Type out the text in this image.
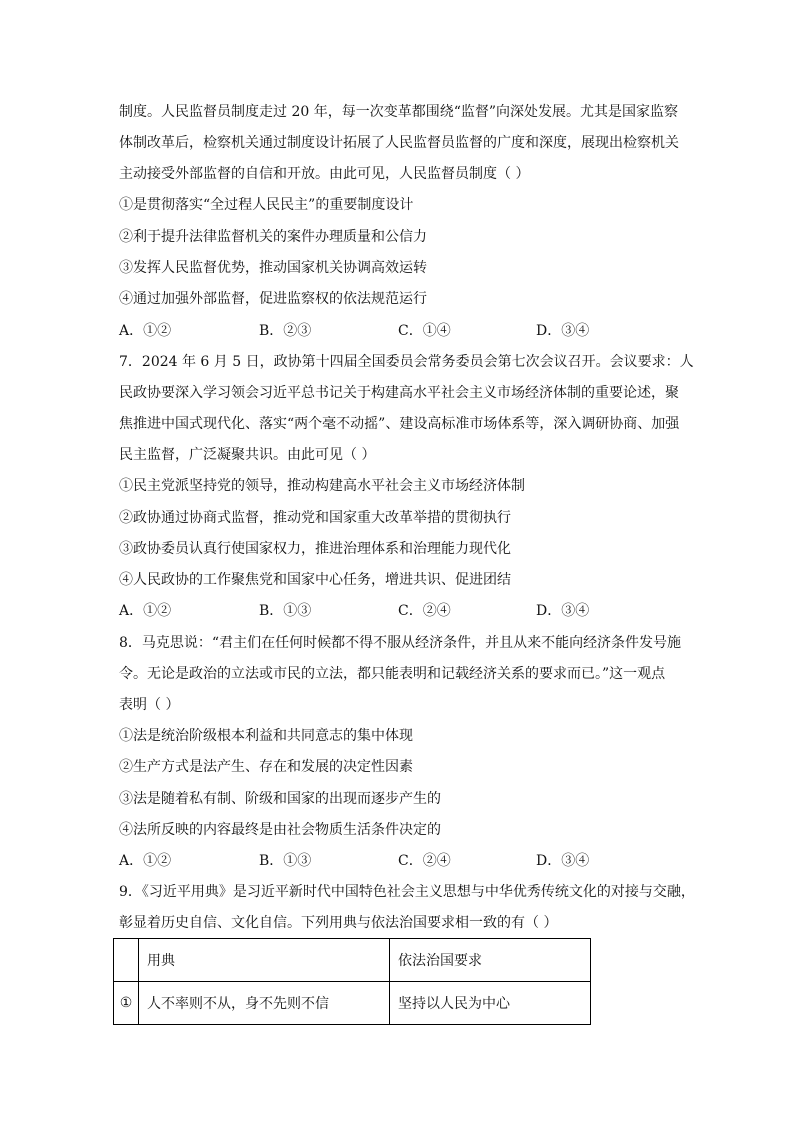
制度。人民监督员制度走过 20 年，每一次变革都围绕“监督”向深处发展。尤其是国家监察
体制改革后，检察机关通过制度设计拓展了人民监督员监督的广度和深度，展现出检察机关
主动接受外部监督的自信和开放。由此可见，人民监督员制度（ ）
①是贯彻落实“全过程人民民主”的重要制度设计
②利于提升法律监督机关的案件办理质量和公信力
③发挥人民监督优势，推动国家机关协调高效运转
④通过加强外部监督，促进监察权的依法规范运行
A．①②	B．②③	C．①④	D．③④
7．2024 年 6 月 5 日，政协第十四届全国委员会常务委员会第七次会议召开。会议要求：人
民政协要深入学习领会习近平总书记关于构建高水平社会主义市场经济体制的重要论述，聚
焦推进中国式现代化、落实“两个毫不动摇”、建设高标准市场体系等，深入调研协商、加强
民主监督，广泛凝聚共识。由此可见（ ）
①民主党派坚持党的领导，推动构建高水平社会主义市场经济体制
②政协通过协商式监督，推动党和国家重大改革举措的贯彻执行
③政协委员认真行使国家权力，推进治理体系和治理能力现代化
④人民政协的工作聚焦党和国家中心任务，增进共识、促进团结
A．①②	B．①③	C．②④	D．③④
8．马克思说：“君主们在任何时候都不得不服从经济条件，并且从来不能向经济条件发号施
令。无论是政治的立法或市民的立法，都只能表明和记载经济关系的要求而已。”这一观点
表明（ ）
①法是统治阶级根本利益和共同意志的集中体现
②生产方式是法产生、存在和发展的决定性因素
③法是随着私有制、阶级和国家的出现而逐步产生的
④法所反映的内容最终是由社会物质生活条件决定的
A．①②	B．①③	C．②④	D．③④
9．《习近平用典》是习近平新时代中国特色社会主义思想与中华优秀传统文化的对接与交融，
彰显着历史自信、文化自信。下列用典与依法治国要求相一致的有（ ）
	用典	依法治国要求
①	人不率则不从，身不先则不信	坚持以人民为中心
